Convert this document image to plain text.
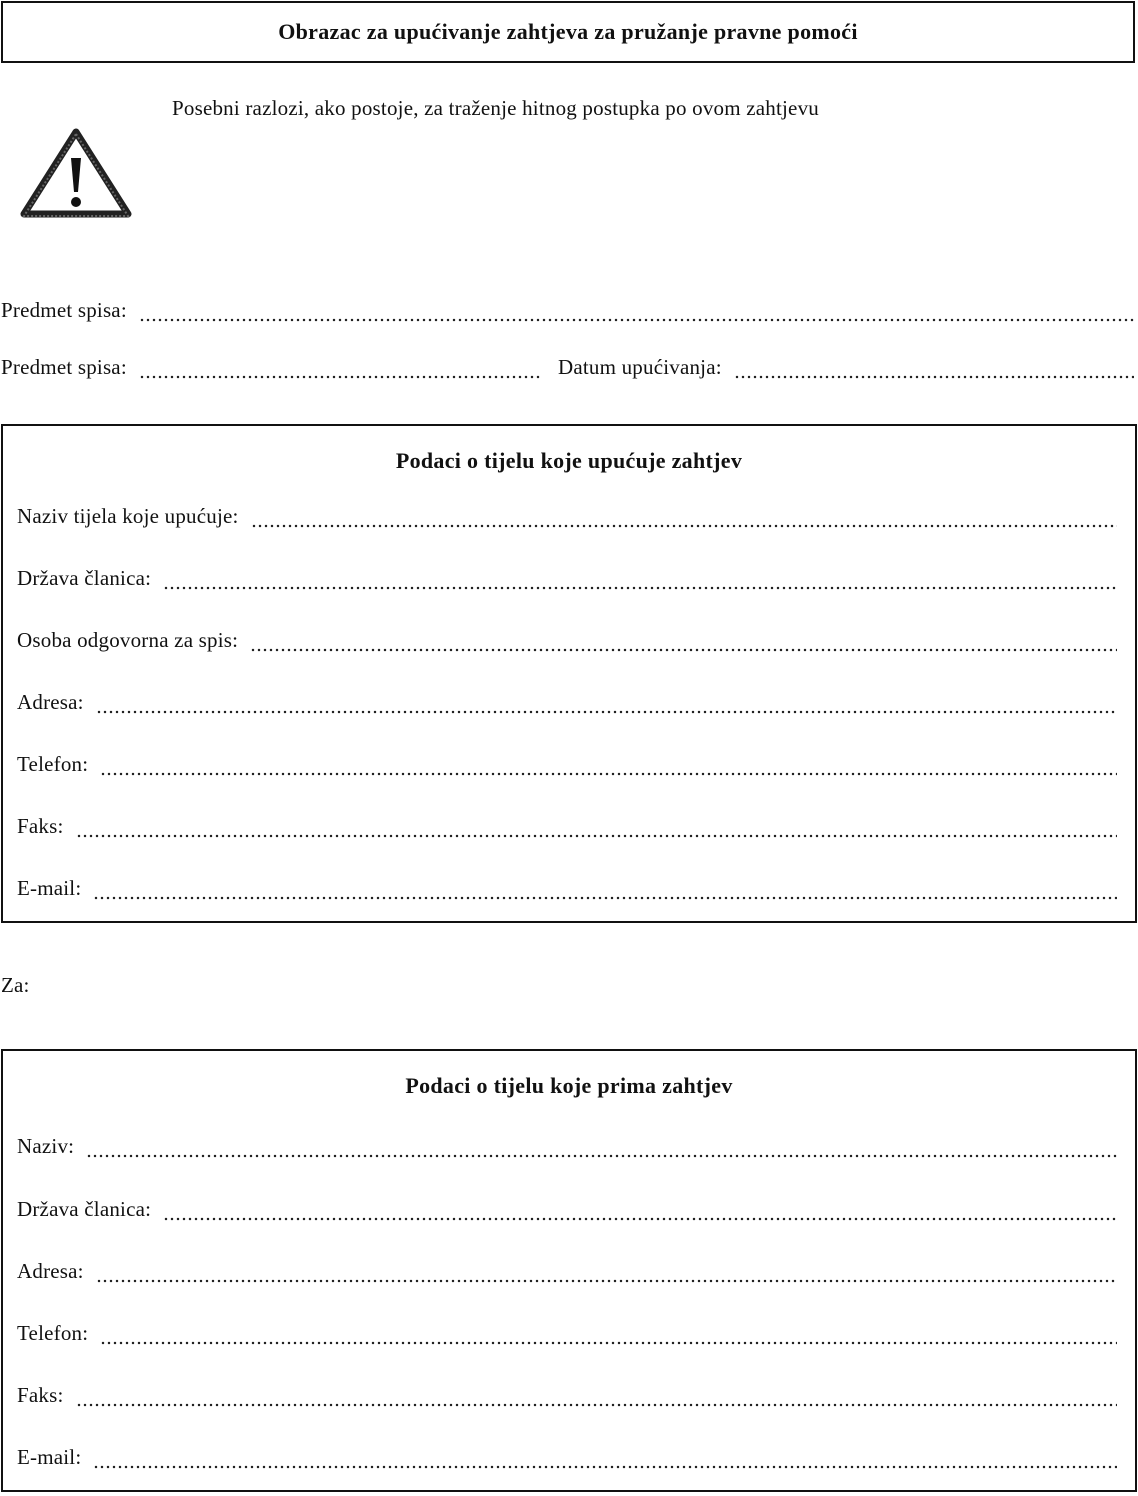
Obrazac za upućivanje zahtjeva za pružanje pravne pomoći
Posebni razlozi, ako postoje, za traženje hitnog postupka po ovom zahtjevu
Predmet spisa:
Predmet spisa:	Datum upućivanja:
Podaci o tijelu koje upućuje zahtjev
Naziv tijela koje upućuje:
Država članica:
Osoba odgovorna za spis:
Adresa:
Telefon:
Faks:
E-mail:
Za:
Podaci o tijelu koje prima zahtjev
Naziv:
Država članica:
Adresa:
Telefon:
Faks:
E-mail:
